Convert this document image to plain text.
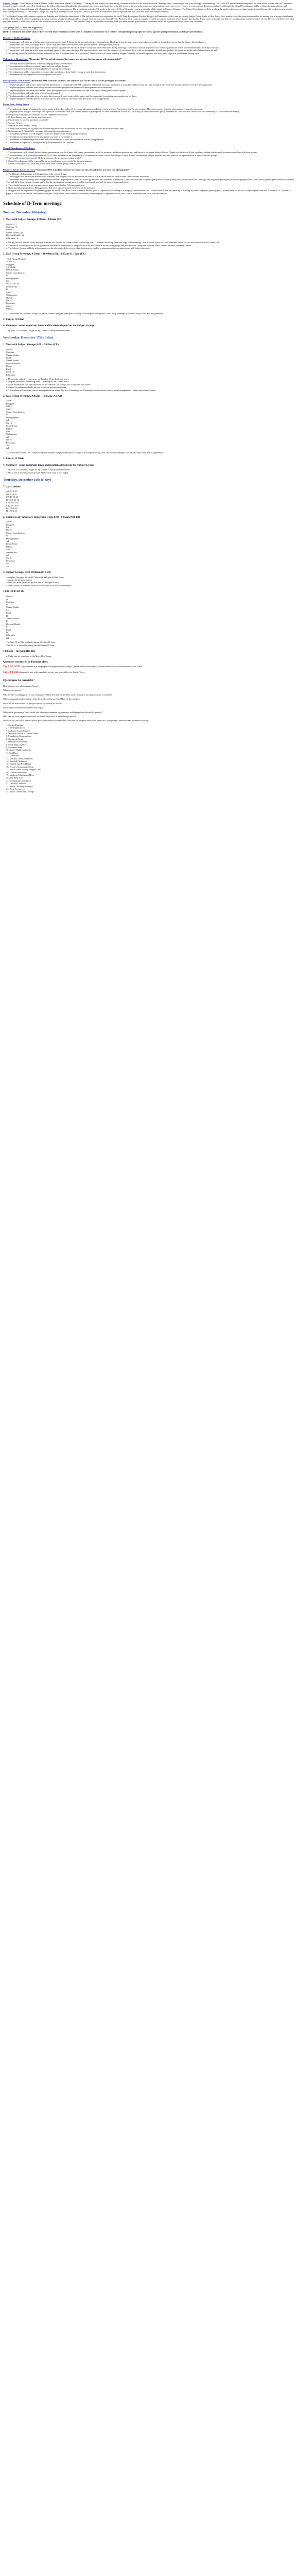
Subject Groups - (Food, Physical Health, Mental Health, Education, Shelter, Clothing) - 1. During the Sub Subject Group meeting, students will discuss the research done in Theology class - conducting a blog post and copy to the meetings. We, Laws will provide some examples of the 'take action' written after the Lenten talk for each group to consider as well. 2. Students in the Subject Groups will gather the information from research and prioritize to be able to use at the end with groups and presentations. Many use recovery topics to send an email document outline. 3. Although the Chapel Coordinators will be working the presentations and directing them, the Subject Groups will all participate in the the presentations. The presentation is for the 9th grade in the end of D-Term Elementary and use it for the whole school in Chapel of January. The Chapel Coordinators will be working during the task group meetings but the Subject Group will need to present together done in the presentation. 4. The Subject Groups will help with messages on the electronic slides to give what do themselves and/or organizations that can assist those with Subject interests.

5. The Subject Groups will volunteer together on Tuesday and Wednesday afternoons. 6. The Subject Groups are responsible for the D-Term Book pages. But the Bloggers will announce, collect and give to the Subject Group leader to Mrs. Laws. Each student in the 9th grade is responsible for turning in a two page contribution to the D-Term Book. It can be a painting, a drawing, a poem, song lyrics, photographs, a journal entry, an essay, etc. Each D-Term Book is a 8.5 x 11 piece of paper. It can be in color or black and white, 1 page, due Jan 5th. If you write, just make sure that it is something that is representative of your D-Term experience and what you have learned. The D-Term Book will be available for the public to view. 7. The Subject Group is responsible for writing thank you notes to their guest-lecturer volunteers and to the organizations with whom they volunteer.

Task groups (MC - Leads and suggestions)

(Task- in document and share what we have learned about Poverty in society with St. Stephen's community via a website, video/photos/photography or videos; a power point presentation, and chapel presentation).

Reporters - Bobby Chapman

1. The reporters will write up with fun, and/or descriptions/personal D-Term, the theme, and activities students have. Theology research; task group work, volunteer work) for an article to be used as the Subject Group's history.
2. The reporters will write a one page article specifically about the issues students have spoken and the Theology research study.
3. The reporters will write a one page report about specific organizations 9th Rock Subject Group that have researched during Theology. They should include a special focus on the organizations where they volunteer (and the Subject Group).
4. The reporters will write an article about the chapel speakers who came this year. The reporters should interview the speakers, if you should do so with out the speaker. Include the speaker's bio and what he/she talked about during the talk.
5. All writing should be spell checked and approved by Mrs. Chessman before it is published. These articles will come from the bloggers' sections within the reporters who are a more objective, and human-writing style.

Webmasters: Brooke Laws *Remember NOT to include students' last names and use only the first names with photographs!*

1. The webmasters will build how to build a webpage using Dreamweaver.
2. The webmasters will learn to identify good and bad website designs.
3. The webmasters will create a design plan before starting the webpages.
4. The webmasters will be responsible to contact other members of their Subject Group to post their information.
5. The webmasters are responsible for writing thank you notes.

Photographers: Rob Rupnik *Remember NOT to include students' last names so that can be used as we are posting to the website*

1. The photographers will work to make sure the information is compatible with PSF computers and that all necessary equipment is available (students may also take footage if they wish and incorporate their own devices/equipment).
2. The photographers will take notes of any resource necessary/programs necessary with photographers shots necessary.
3. The photographers will learn what makes a good photograph; how to choose one's shot and other tips to taking photos for this project.
4. The photographers will make a list of shots needed named.
5. The photographers will make a list of who in their group will need copies of the photos and be responsible for printing photographs out for them.
6. The photographers will take photos, download photos, edit photos (if necessary and distribute them as appropriate.

Power Point: Bobby Brown

1. The students in charge of making the power points will need to gather all necessary information and figure out how to use Powerpoint (for Theology guide). Have the reporter, from the photographers, journals, and more.
2. The power point will go a a thorough description of D-Term and what you'd learnt, thanks in powerpoint, D-Term presentation for use the (Thursday) in addition to school group presentations. It will also be shown with the community via the website once ready.
Power points (format) to be combined for one, complete power point:
1. D-Term themes, the you / theme, activities, etc.)
2. Prison/crime to poverty questions to consider
3. Speaker Series
4. Reports for each Subject Group
5. Connections to every the 9 groups are volunteering/service/and information on how the organization does and what we did to help
6. Reflections on D-Term 2009 - personal reflections/photographs/poetry
3. The students will need to work together to discuss design before starting the power point.
4. The students are responsible for writing thank you notes to the speakers.
5. The students will share the power points with the teachers so as to be included in the a series of appropriate.
6. The students will present it during the 9th grade presentation on Thursday.

Chapel Coordinators: Ellis Baker

1. The coordinators will consult the two Senior presentation plan for 1 hour lock chapel presentation, work on necessary volunteer/practice, etc. and then a to with their Subject Group. Chapel coordinators will put together a written plan for each presentation to share with their groups.
2. The coordinators will plan the presentation for D-Term presentation on Thursday n. 5. 10 minutes and show it with their Subject Group. Chapel coordinators will put together a written plan for each presentation to share with their groups.
*Time would represent and use the Media group once the group was creating ready*
3. Chapel Coordinators will be responsible for any teachers or props needed for the presentations.
4. Chapel coordinators will write any please notes from subject groups them to print a list.

Bloggers: Kristin Laws/Lawrence *Remember NOT to include students' last names on the site and do not use their own photographs*

1. The Bloggers help manage with bloggers and wiki content design.
2. The Bloggers will each write an entry each weekday. The Bloggers will be able to use the web as it is in on the website. Each student can write their own entry.
3. The students will write blogs about the speakers from the Chapel speaker series, the Theology research and volunteer experiences. There should be one blog entry per speaker, one blog entry per issue researched in Theology, one blog entry per organization with appropriate links and one blog entry per volunteer experience. This will differ from the entry format and/or that the reporters are writing since it will be less formal, and will be more of a personal piece.
4. They should include at least one interview of a peer about his/her D-Term experiences.
5. Blogs and photographs (from Photographers) that were 'already posted elsewhere on the website).
6. Bloggers will be responsible for gathering pages for the D-Term Book. Each student in the 9th grade is responsible for turning in a one page contribution to the D-Term Book. It can be a painting, a drawing, a poem, song lyrics, photographs, a journal entry, an essay - or anything that they feel fit to use 8.5 x 11 piece of paper. It can focus on lessons, your specific Subject Group theme, your volunteer experience or anything that is representative of your D-Term experience and what you have learned.
Schedule of D-Term meetings:
Tuesday, December 16th(-day)
1. Meet with Subject Groups, 8:00am - 9:10am (CL)
Shelter - 12
Clothing - 9
Food - 5
Mental Health - 14
Physical Health - 12
Education - 6
a. During the first Subject Group meeting, students will discuss the research done in Theology class – students must keep their own copy to the meetings. Mrs. Laws will provide some examples of the 'take action' written after the Lenten talk.
b. Students in the Subject Groups will gather the information from research and prioritize to be able to use at the end with groups and presentations. Many use recovery topics to send an email document outline.
c. The Subject Groups will help with messages on the electronic slides to give what do themselves and/or organizations that can assist those with Subject interests.
2. Task Group Meetings, 9:20am – 10:00am (S2), 10:25am-11:10am (CL)
Task Group Meetings
AI & S3
Bloggers
1-6 (Gold)
US-13, Forest
Chapel Coordinators
B
Photographers
C1
SG 5 – W1 S4
Power Point
B
MO 13
Webmasters
US 22
US 21
Reporters
MO 13
MO 13
a. The students on the Task Groups will gather students and give them specific things to accomplish during their Task Group meetings. (see Task Group Grant, and Assignments)
3. Lunch, 11:10am
4. Volunteer - some important times and locations depend on the Subject Group
* By 1:05 11's available, all get out by D-Term 4 and group events week
Wednesday, December 17th (I-day)
1. Meet with Subject Groups 8:00 – 9:05am (CL)
Shelter
Clothing
Mental Health
Food
Mental Health
Physical Health
Room
Food
Room 42
Education
a. Discuss the volunteer experience on Tuesday. Write thank you notes.
b. Prepare sections to be making about – working on the D-Term Book.
c. Share information that will be posted for the website Task Groups and coordinate with others.
d. Chapel Coordinators should give an update on presentation ideas.
e. The students will visit and discuss the organizations where they are volunteering on Wednesday afternoon and confirm travel arrangements (where and whom to meet).
2. Task Group Meetings, 9:05am - 11:25am (A1-A3)
A1-A3
Bloggers
MO 11
MO 12
Chapel Coordinators
B
Photographers
A4
US 13
Power Point
MO 13
MO 13
Webmasters
A5
US 21
Reporters
A6
A4
a. The teachers for the Task Groups will guide students and give them specific things to accomplish during their Task Group meetings. (see Task Group Grant, and Assignments)
3. Lunch, 11:30am
4. Volunteer - some important times and locations depend on the Subject Group
* By 1:05 11's available, all get out by D-Term 4 and group events week
* Mrs. Laws is assisting make up note 3 D work in room 4 by 3:50pm
Thursday, December 18th (F day)
7. day schedule:
A 8:00-8:45
B 8:50-9:35
C 9:40-10:25
D 10:30-11:15
E 11:20-12:05
F 12:10-12:55
G 1:00-1:45
H 1:50-2:35
2. Complete any necessary task group work, 8:00 - 9:05am (M1-B2)
A1-A3
Bloggers
US 11
US 21
Chapel Coordinators
B
Photographers
A4
Power Point
MO 13
MO 13
Webmasters
A5
US 21
Reporters
A6
A4
3. Subject Groups, 9:10-10:00am (M1-B3)
- complete the pages for the D-Term book and give to Mrs. Laws
- prepare for the presentation
- thank you notes (must not give to Mrs. K. Morgan to mail
- Send a theory or Bonnie Character to be shared with the full community
10:30-10:45 B1-B3
Shelter
A
Clothing
B
Mental Health
C1
Food
D
Mental Health
E
Physical Health
F
Food
D
Education
G1
The 9th's CL will be available during 10:30 for D-Term
*9th 9 CL's is available during 9th and 9th for D-Term
12:25am – 12:35pm (Bo-Ro)
a. Make sure to contribute to the Mock Neo Teams
Questions considered in Theology class:

Top 5 GLOCAL organizations that aid people with regards to your subject (mental health/food/physical health/shelter/clothes/education) in Austin, Texas.

Top 5 ISSUES that people face with regards to poverty and your subject in Austin, Texas.

Questions to consider:

How does poverty affect Austin, Texas?

What causes poverty?

Who are the "working poor" in our community? What does that mean? Who needs assistance moving from one to another?

Which organizations/foundations help those affected by poverty? How do they do this?

What are the main issues for people affected by poverty in Austin?

What areas still need to be funded and helped?

What is the government's role or the lack of non-government organizations in helping those affected by poverty?

How can our local organizations such as church help those in need through service?

What can we (our faith) and our public policy initiatives that create real solutions for adequate healthcare, medicaid, living wages, education and affordable housing?

1. Shelter/Housing
2. The Neighborhood
3. Lutheran Social Services
4. Interfaith Action of Central Texas
5. Foundation Communities
6. Caritas of Austin
7. Habitat for Humanity
8. Front Steps / ARCH
9. Salvation Army
10. Austin Children's Shelter
11. SafePlace
12. LifeWorks
13. Mobile Loaves and Fishes
14. Goodwill Industries
15. Capital Area Food Bank
16. People's Community Clinic
17. Austin Travis County Integral Care
18. El Buen Samaritano
19. Meals on Wheels and More
20. Any Baby Can
21. Communities in Schools
22. Literacy Coalition
23. Austin Learning Academy
24. Dress for Success
25. Austin Community College
